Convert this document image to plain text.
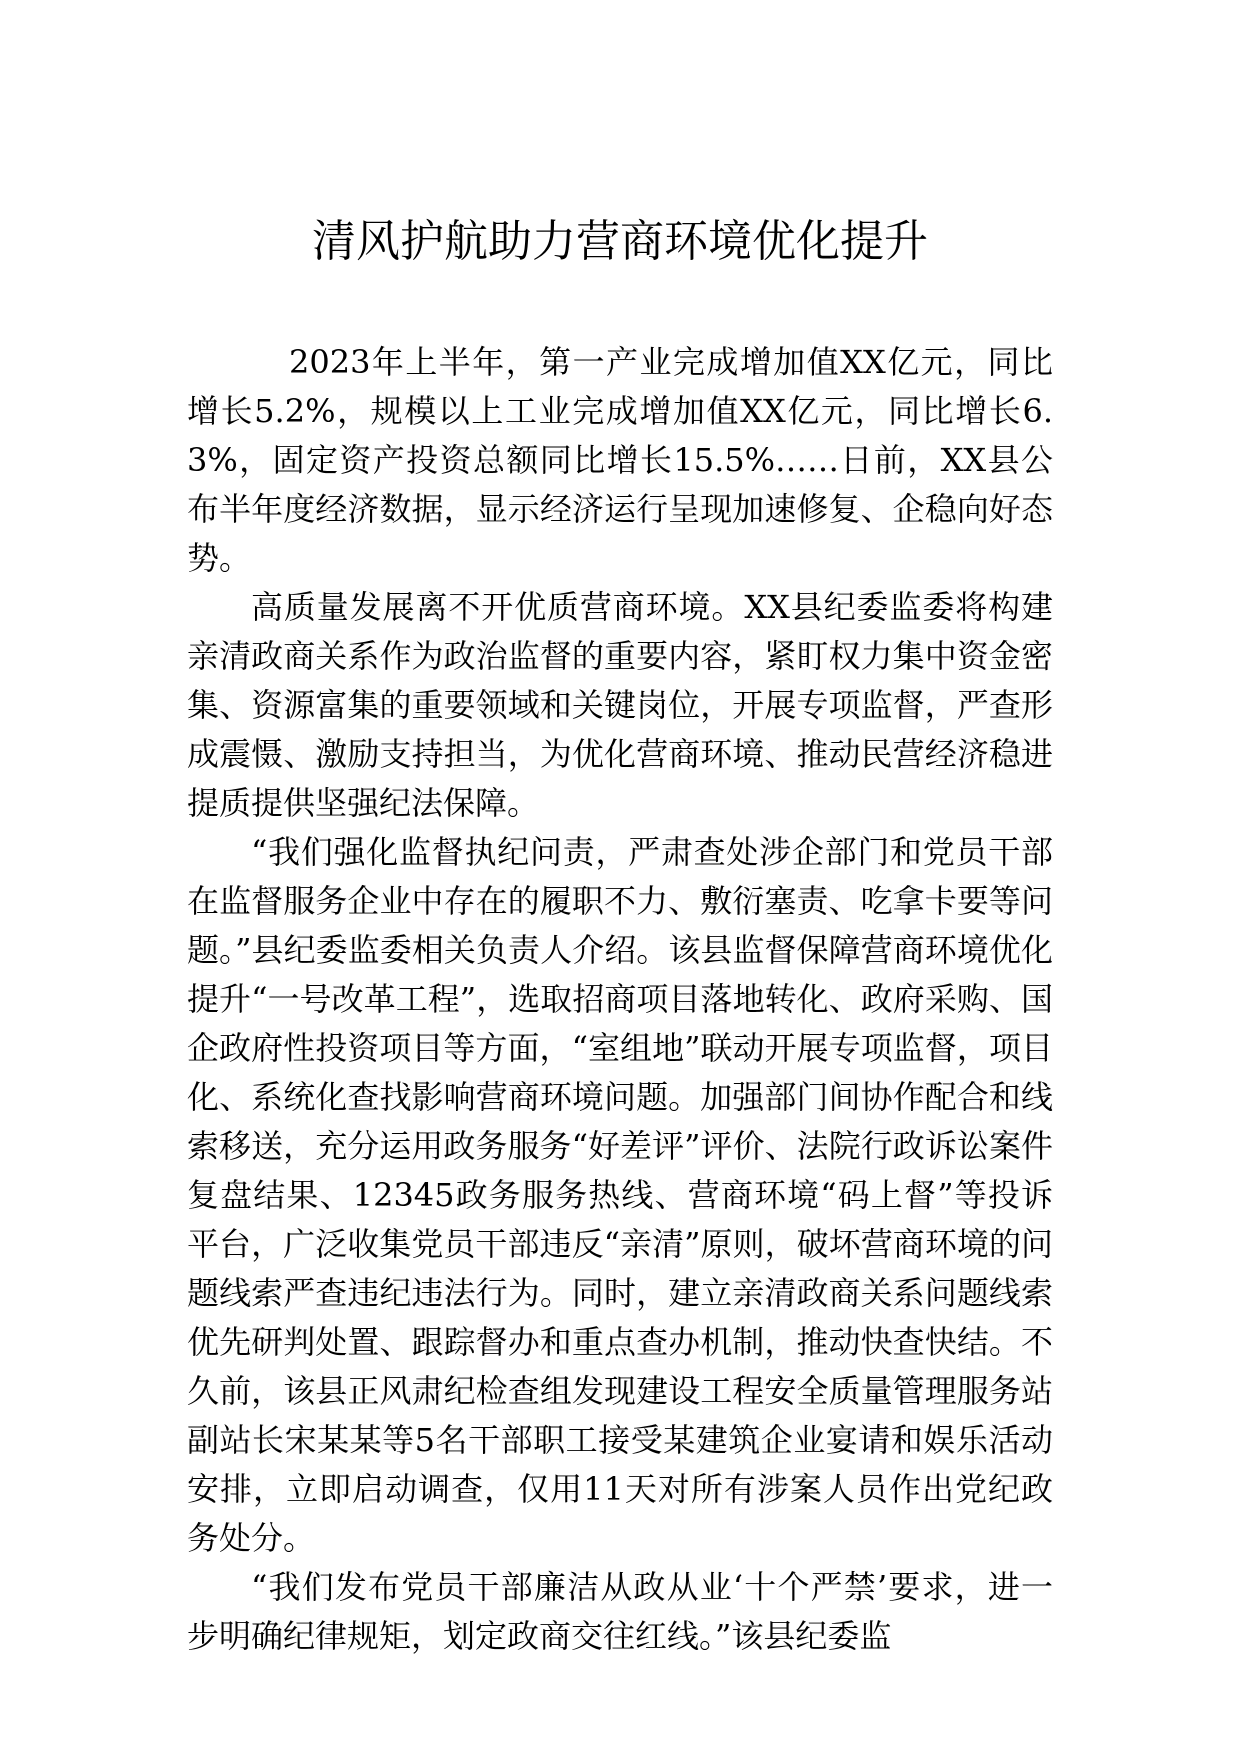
清风护航助力营商环境优化提升

2023年上半年，第一产业完成增加值XX亿元，同比增长5.2%，规模以上工业完成增加值XX亿元，同比增长6.3%，固定资产投资总额同比增长15.5%……日前，XX县公布半年度经济数据，显示经济运行呈现加速修复、企稳向好态势。

高质量发展离不开优质营商环境。XX县纪委监委将构建亲清政商关系作为政治监督的重要内容，紧盯权力集中资金密集、资源富集的重要领域和关键岗位，开展专项监督，严查形成震慑、激励支持担当，为优化营商环境、推动民营经济稳进提质提供坚强纪法保障。

“我们强化监督执纪问责，严肃查处涉企部门和党员干部在监督服务企业中存在的履职不力、敷衍塞责、吃拿卡要等问题。”县纪委监委相关负责人介绍。该县监督保障营商环境优化提升“一号改革工程”，选取招商项目落地转化、政府采购、国企政府性投资项目等方面，“室组地”联动开展专项监督，项目化、系统化查找影响营商环境问题。加强部门间协作配合和线索移送，充分运用政务服务“好差评”评价、法院行政诉讼案件复盘结果、12345政务服务热线、营商环境“码上督”等投诉平台，广泛收集党员干部违反“亲清”原则，破坏营商环境的问题线索严查违纪违法行为。同时，建立亲清政商关系问题线索优先研判处置、跟踪督办和重点查办机制，推动快查快结。不久前，该县正风肃纪检查组发现建设工程安全质量管理服务站副站长宋某某等5名干部职工接受某建筑企业宴请和娱乐活动安排，立即启动调查，仅用11天对所有涉案人员作出党纪政务处分。

“我们发布党员干部廉洁从政从业‘十个严禁’要求，进一步明确纪律规矩，划定政商交往红线。”该县纪委监
